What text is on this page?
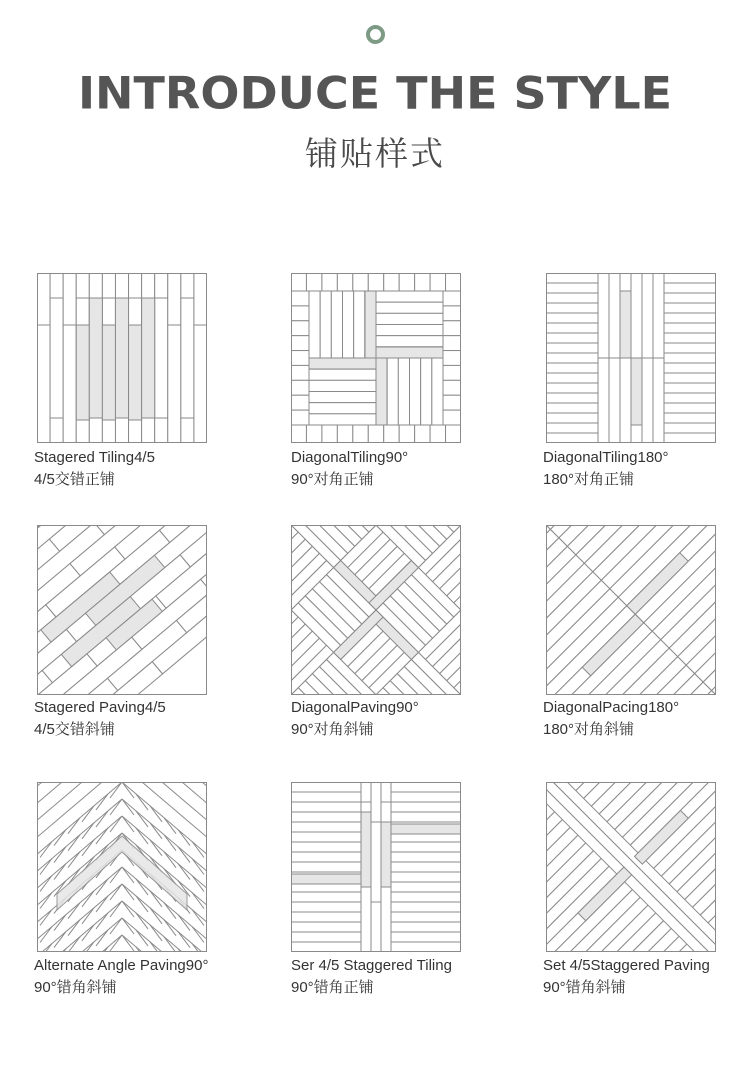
INTRODUCE THE STYLE
铺贴样式
Stagered Tiling4/5
4/5交错正铺
DiagonalTiling90°
90°对角正铺
DiagonalTiling180°
180°对角正铺
Stagered Paving4/5
4/5交错斜铺
DiagonalPaving90°
90°对角斜铺
DiagonalPacing180°
180°对角斜铺
Alternate Angle Paving90°
90°错角斜铺
Ser 4/5 Staggered Tiling
90°错角正铺
Set 4/5Staggered Paving
90°错角斜铺
